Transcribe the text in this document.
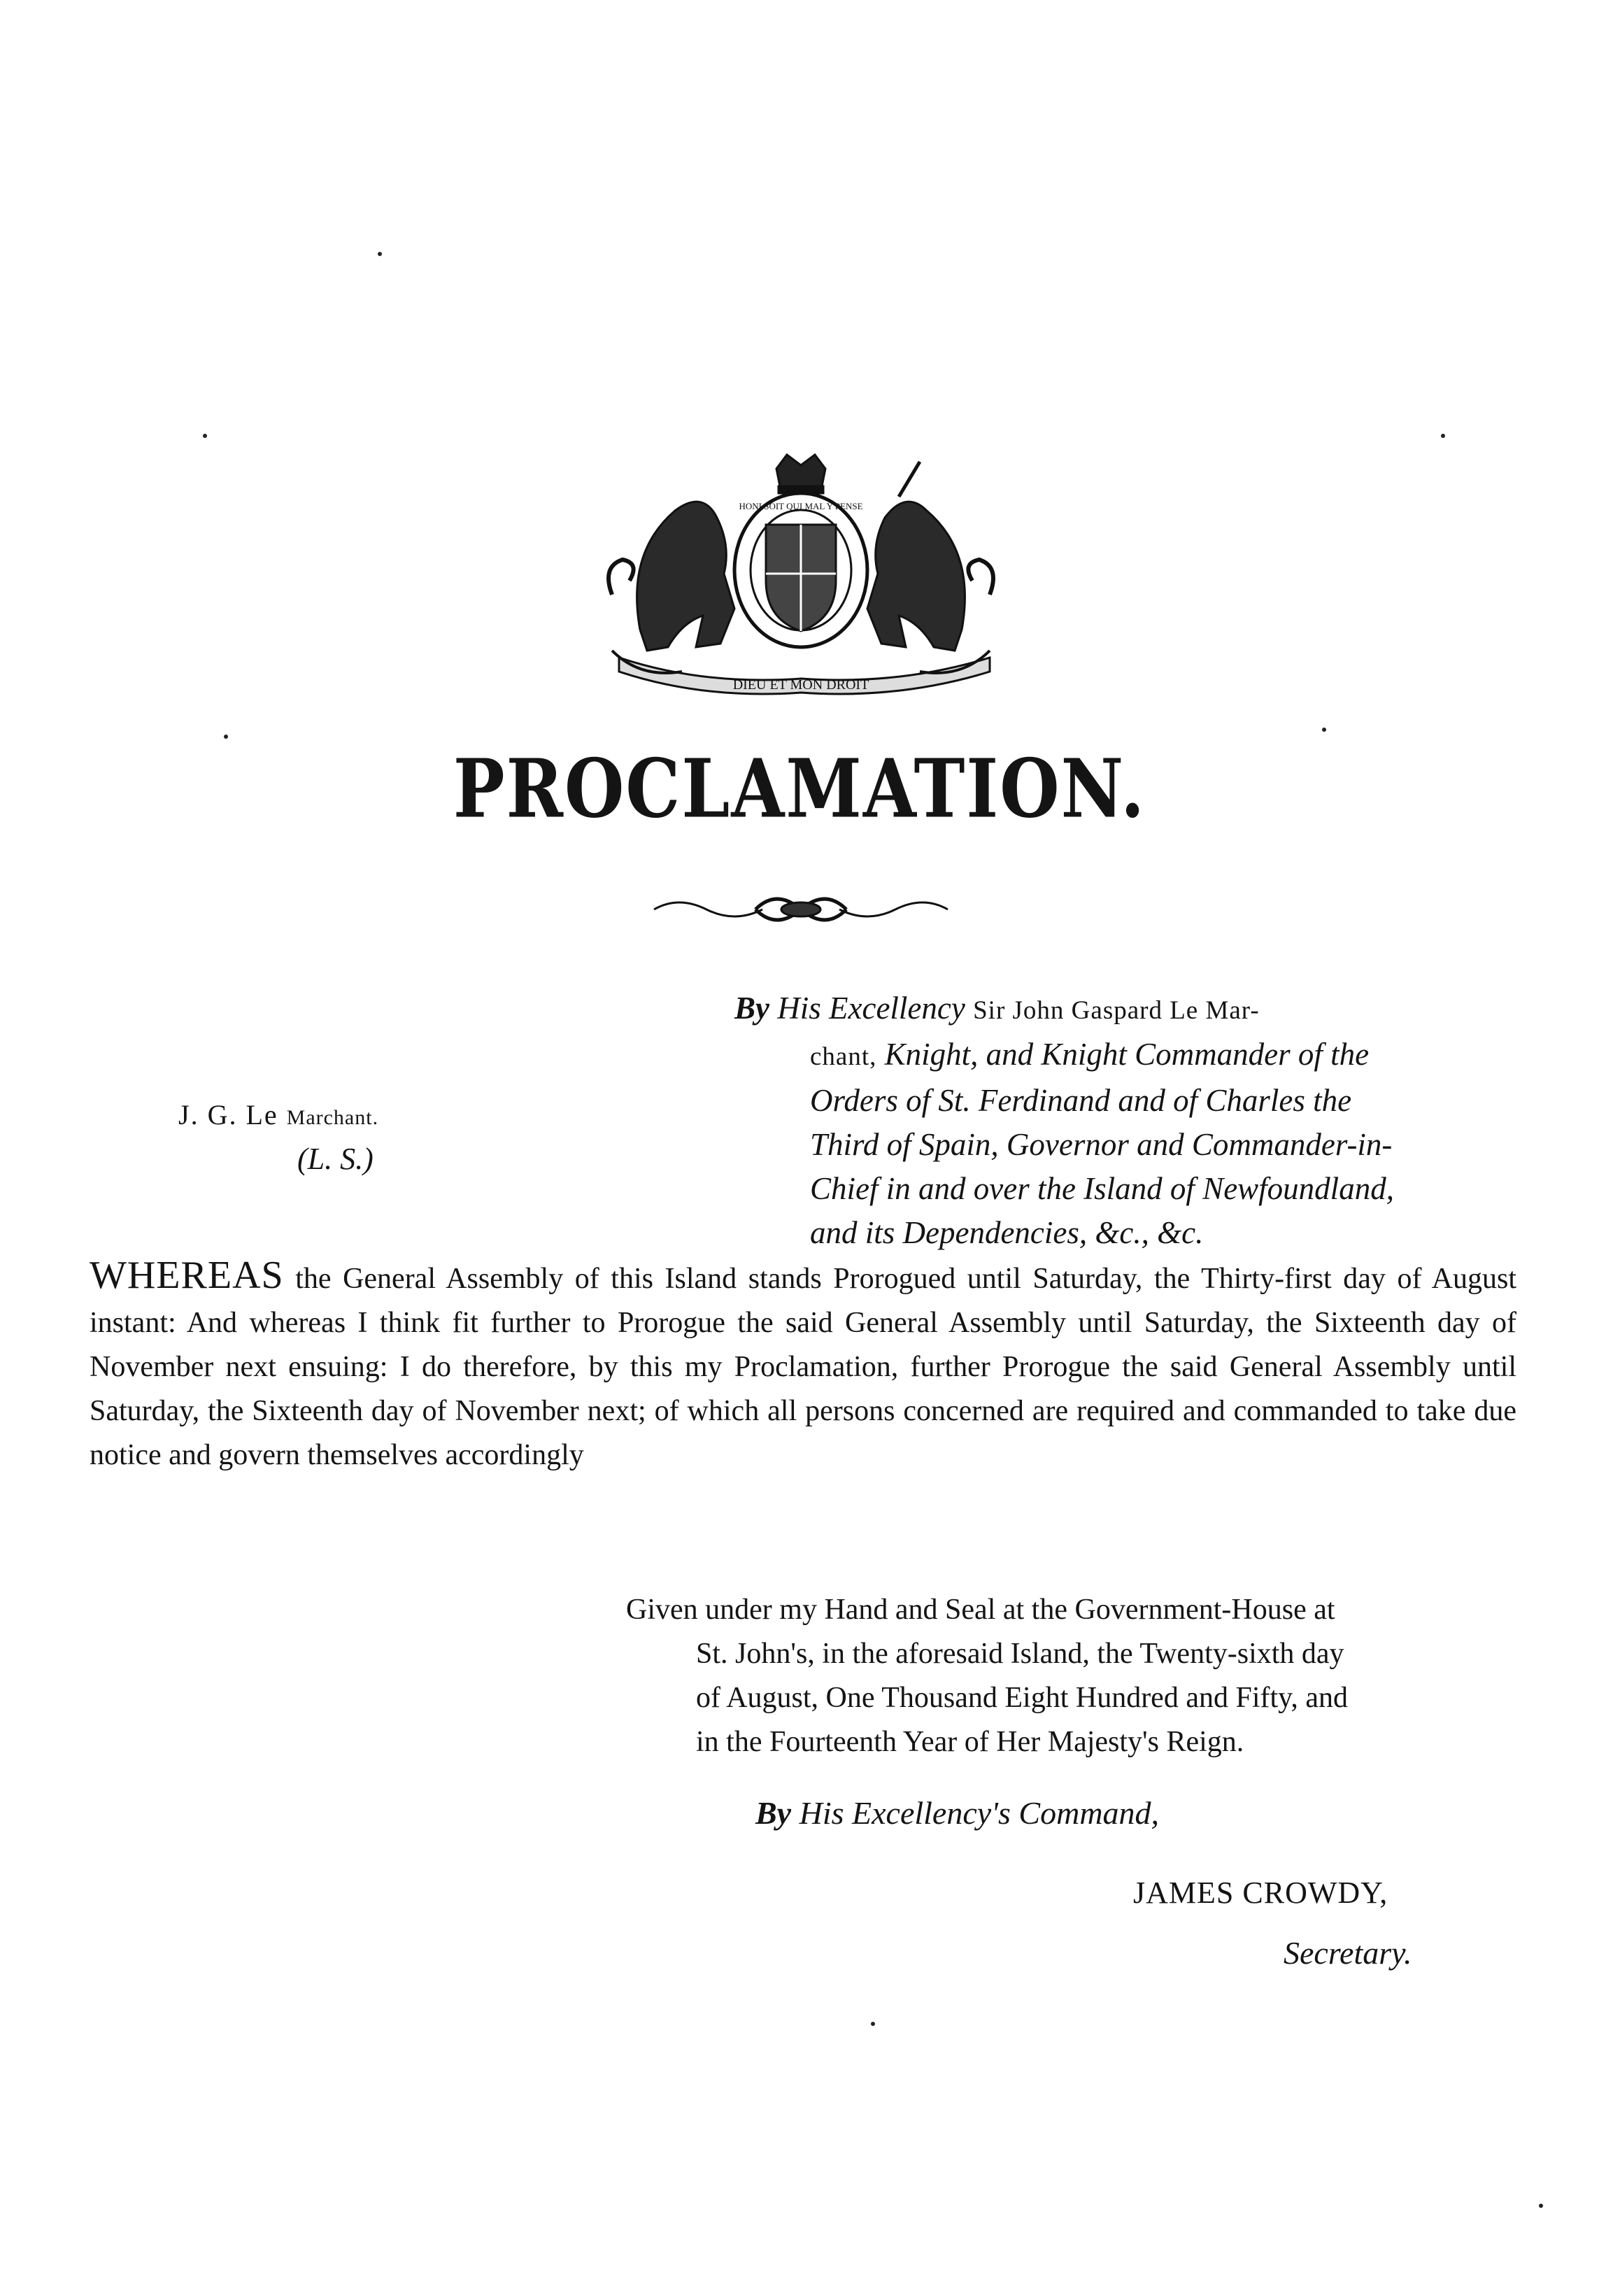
DIEU ET MON DROIT
HONI SOIT QUI MAL Y PENSE
PROCLAMATION.
J. G. Le Marchant.
(L. S.)
By His Excellency Sir John Gaspard Le Mar-
chant, Knight, and Knight Commander of the
Orders of St. Ferdinand and of Charles the
Third of Spain, Governor and Commander-in-
Chief in and over the Island of Newfoundland,
and its Dependencies, &c., &c.
WHEREAS the General Assembly of this Island stands Prorogued until Saturday, the Thirty-first day of August instant: And whereas I think fit further to Prorogue the said General Assembly until Saturday, the Sixteenth day of November next ensuing: I do therefore, by this my Proclamation, further Prorogue the said General Assembly until Saturday, the Sixteenth day of November next; of which all persons concerned are required and commanded to take due notice and govern themselves accordingly
Given under my Hand and Seal at the Government-House at
St. John's, in the aforesaid Island, the Twenty-sixth day
of August, One Thousand Eight Hundred and Fifty, and
in the Fourteenth Year of Her Majesty's Reign.
By His Excellency's Command,
JAMES CROWDY,
Secretary.
